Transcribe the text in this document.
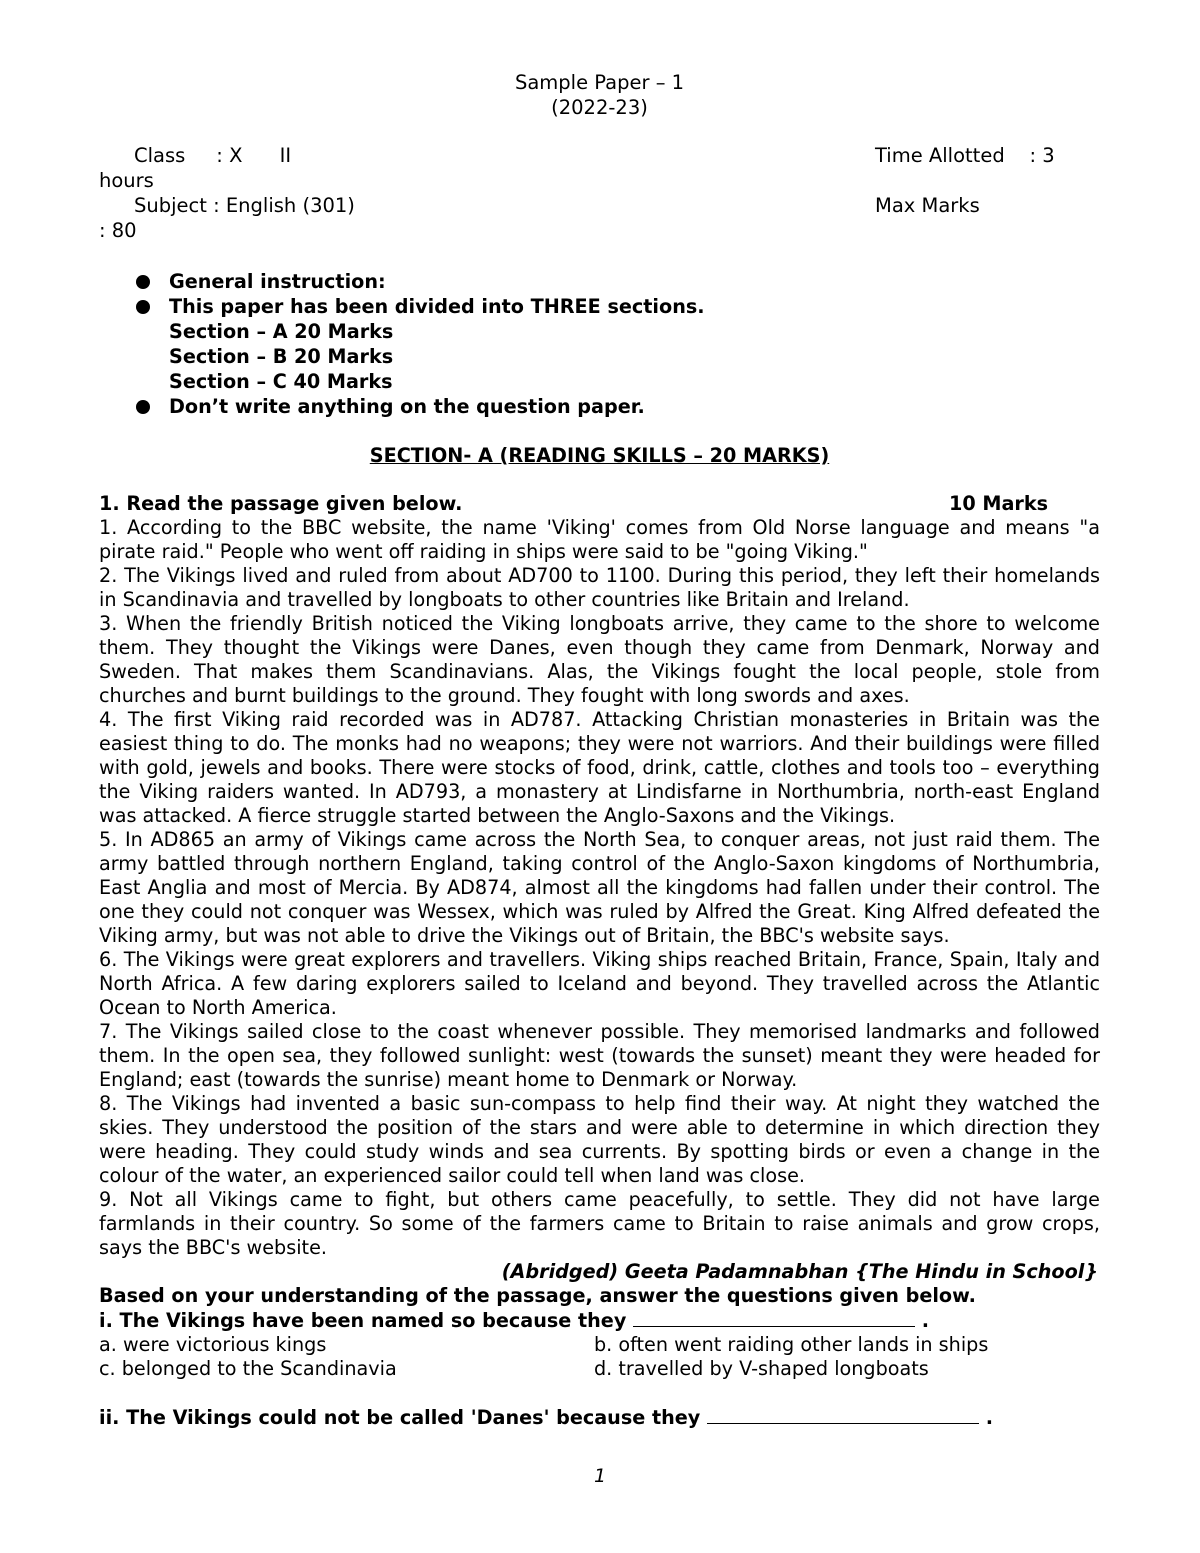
Sample Paper – 1
(2022-23)
Class     : X      II	Time Allotted    : 3
hours
Subject : English (301)	Max Marks
: 80
General instruction:
This paper has been divided into THREE sections.
Section – A 20 Marks
Section – B 20 Marks
Section – C 40 Marks
Don’t write anything on the question paper.
SECTION- A (READING SKILLS – 20 MARKS)
1. Read the passage given below.	10 Marks

1. According to the BBC website, the name 'Viking' comes from Old Norse language and means "a pirate raid." People who went off raiding in ships were said to be "going Viking."

2. The Vikings lived and ruled from about AD700 to 1100. During this period, they left their homelands in Scandinavia and travelled by longboats to other countries like Britain and Ireland.

3. When the friendly British noticed the Viking longboats arrive, they came to the shore to welcome them. They thought the Vikings were Danes, even though they came from Denmark, Norway and Sweden. That makes them Scandinavians. Alas, the Vikings fought the local people, stole from churches and burnt buildings to the ground. They fought with long swords and axes.

4. The first Viking raid recorded was in AD787. Attacking Christian monasteries in Britain was the easiest thing to do. The monks had no weapons; they were not warriors. And their buildings were filled with gold, jewels and books. There were stocks of food, drink, cattle, clothes and tools too – everything the Viking raiders wanted. In AD793, a monastery at Lindisfarne in Northumbria, north-east England was attacked. A fierce struggle started between the Anglo-Saxons and the Vikings.

5. In AD865 an army of Vikings came across the North Sea, to conquer areas, not just raid them. The army battled through northern England, taking control of the Anglo-Saxon kingdoms of Northumbria, East Anglia and most of Mercia. By AD874, almost all the kingdoms had fallen under their control. The one they could not conquer was Wessex, which was ruled by Alfred the Great. King Alfred defeated the Viking army, but was not able to drive the Vikings out of Britain, the BBC's website says.

6. The Vikings were great explorers and travellers. Viking ships reached Britain, France, Spain, Italy and North Africa. A few daring explorers sailed to Iceland and beyond. They travelled across the Atlantic Ocean to North America.

7. The Vikings sailed close to the coast whenever possible. They memorised landmarks and followed them. In the open sea, they followed sunlight: west (towards the sunset) meant they were headed for England; east (towards the sunrise) meant home to Denmark or Norway.

8. The Vikings had invented a basic sun-compass to help find their way. At night they watched the skies. They understood the position of the stars and were able to determine in which direction they were heading. They could study winds and sea currents. By spotting birds or even a change in the colour of the water, an experienced sailor could tell when land was close.

9. Not all Vikings came to fight, but others came peacefully, to settle. They did not have large farmlands in their country. So some of the farmers came to Britain to raise animals and grow crops, says the BBC's website.

(Abridged) Geeta Padamnabhan {The Hindu in School}
Based on your understanding of the passage, answer the questions given below.
i. The Vikings have been named so because they	.
a. were victorious kings	b. often went raiding other lands in ships
c. belonged to the Scandinavia	d. travelled by V-shaped longboats
ii. The Vikings could not be called 'Danes' because they	.
1
